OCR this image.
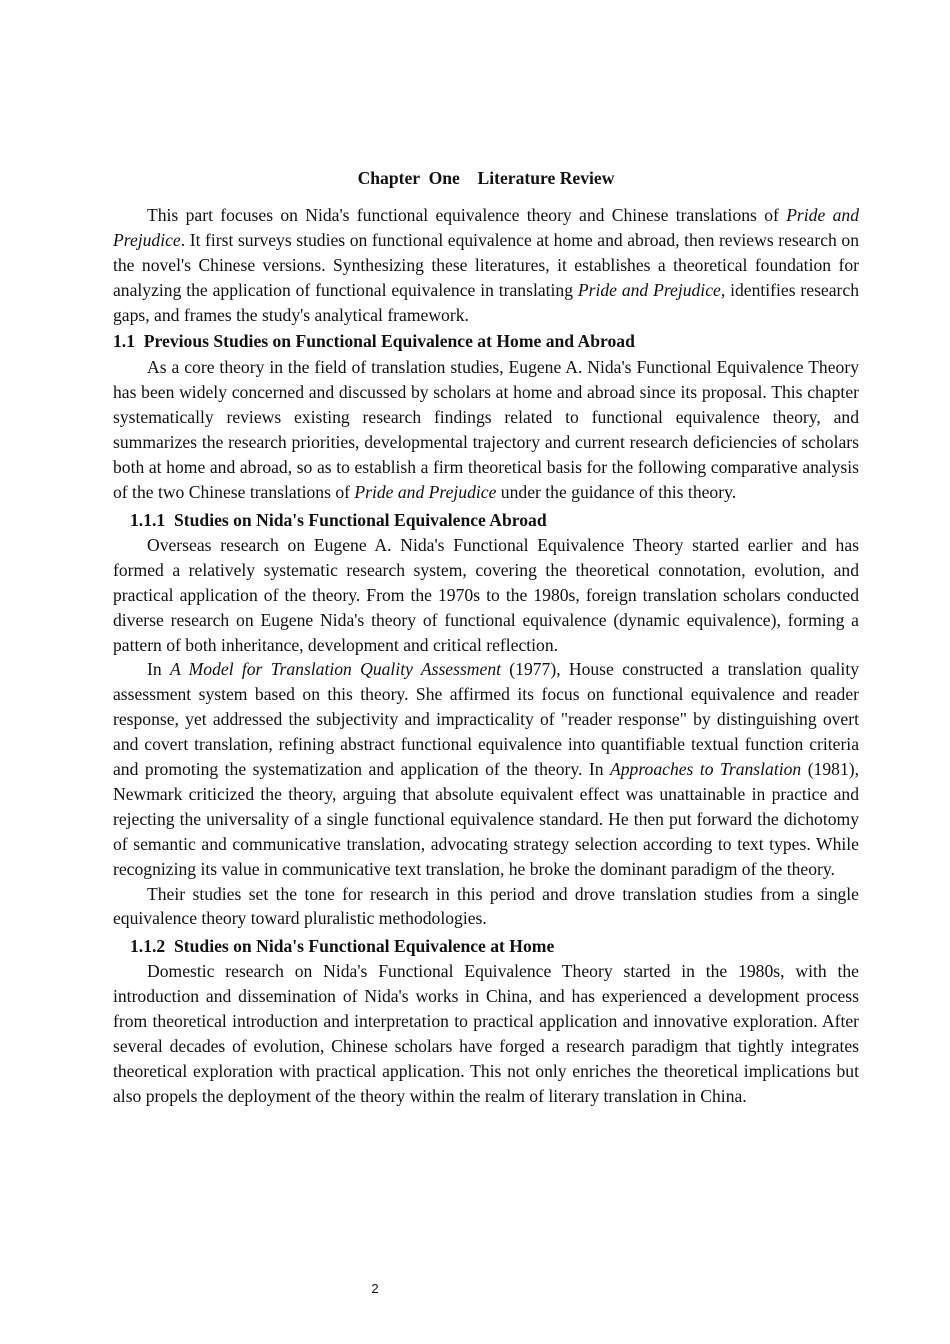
Chapter  One    Literature Review

This part focuses on Nida's functional equivalence theory and Chinese translations of Pride and Prejudice. It first surveys studies on functional equivalence at home and abroad, then reviews research on the novel's Chinese versions. Synthesizing these literatures, it establishes a theoretical foundation for analyzing the application of functional equivalence in translating Pride and Prejudice, identifies research gaps, and frames the study's analytical framework.

1.1  Previous Studies on Functional Equivalence at Home and Abroad

As a core theory in the field of translation studies, Eugene A. Nida's Functional Equivalence Theory has been widely concerned and discussed by scholars at home and abroad since its proposal. This chapter systematically reviews existing research findings related to functional equivalence theory, and summarizes the research priorities, developmental trajectory and current research deficiencies of scholars both at home and abroad, so as to establish a firm theoretical basis for the following comparative analysis of the two Chinese translations of Pride and Prejudice under the guidance of this theory.

1.1.1  Studies on Nida's Functional Equivalence Abroad

Overseas research on Eugene A. Nida's Functional Equivalence Theory started earlier and has formed a relatively systematic research system, covering the theoretical connotation, evolution, and practical application of the theory. From the 1970s to the 1980s, foreign translation scholars conducted diverse research on Eugene Nida's theory of functional equivalence (dynamic equivalence), forming a pattern of both inheritance, development and critical reflection.

In A Model for Translation Quality Assessment (1977), House constructed a translation quality assessment system based on this theory. She affirmed its focus on functional equivalence and reader response, yet addressed the subjectivity and impracticality of "reader response" by distinguishing overt and covert translation, refining abstract functional equivalence into quantifiable textual function criteria and promoting the systematization and application of the theory. In Approaches to Translation (1981), Newmark criticized the theory, arguing that absolute equivalent effect was unattainable in practice and rejecting the universality of a single functional equivalence standard. He then put forward the dichotomy of semantic and communicative translation, advocating strategy selection according to text types. While recognizing its value in communicative text translation, he broke the dominant paradigm of the theory.

Their studies set the tone for research in this period and drove translation studies from a single equivalence theory toward pluralistic methodologies.

1.1.2  Studies on Nida's Functional Equivalence at Home

Domestic research on Nida's Functional Equivalence Theory started in the 1980s, with the introduction and dissemination of Nida's works in China, and has experienced a development process from theoretical introduction and interpretation to practical application and innovative exploration. After several decades of evolution, Chinese scholars have forged a research paradigm that tightly integrates theoretical exploration with practical application. This not only enriches the theoretical implications but also propels the deployment of the theory within the realm of literary translation in China.

2
